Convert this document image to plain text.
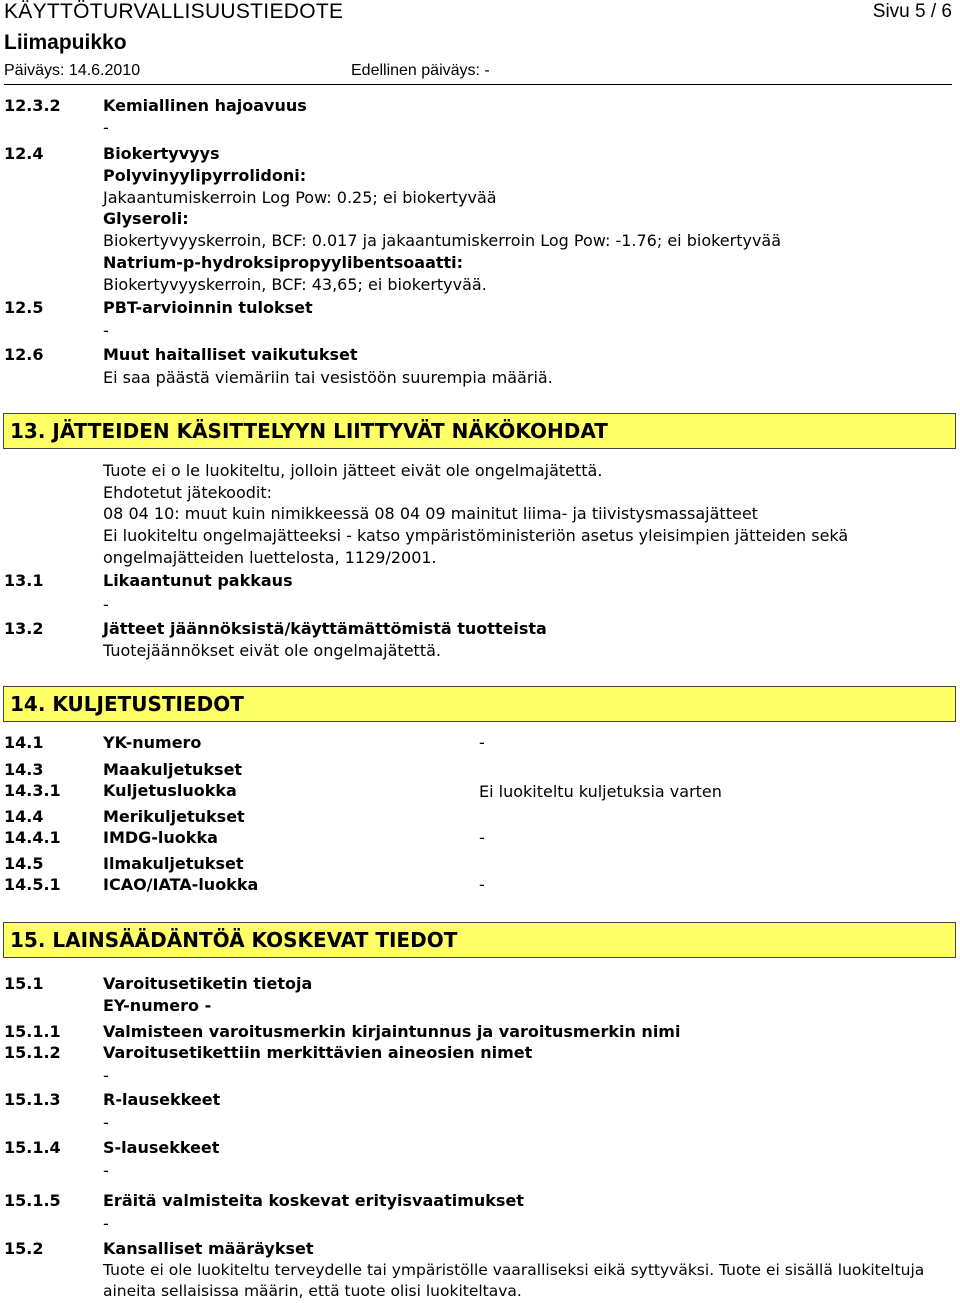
KÄYTTÖTURVALLISUUSTIEDOTE	Sivu 5 / 6
Liimapuikko
Päiväys: 14.6.2010	Edellinen päiväys: -
12.3.2	Kemiallinen hajoavuus
-
12.4	Biokertyvyys
Polyvinyylipyrrolidoni:
Jakaantumiskerroin Log Pow: 0.25; ei biokertyvää
Glyseroli:
Biokertyvyyskerroin, BCF: 0.017 ja jakaantumiskerroin Log Pow: -1.76; ei biokertyvää
Natrium-p-hydroksipropyylibentsoaatti:
Biokertyvyyskerroin, BCF: 43,65; ei biokertyvää.
12.5	PBT-arvioinnin tulokset
-
12.6	Muut haitalliset vaikutukset
Ei saa päästä viemäriin tai vesistöön suurempia määriä.
13. JÄTTEIDEN KÄSITTELYYN LIITTYVÄT NÄKÖKOHDAT
Tuote ei o le luokiteltu, jolloin jätteet eivät ole ongelmajätettä.
Ehdotetut jätekoodit:
08 04 10: muut kuin nimikkeessä 08 04 09 mainitut liima- ja tiivistysmassajätteet
Ei luokiteltu ongelmajätteeksi - katso ympäristöministeriön asetus yleisimpien jätteiden sekä ongelmajätteiden luettelosta, 1129/2001.
13.1	Likaantunut pakkaus
-
13.2	Jätteet jäännöksistä/käyttämättömistä tuotteista
Tuotejäännökset eivät ole ongelmajätettä.
14. KULJETUSTIEDOT
14.1	YK-numero	-
14.3	Maakuljetukset
14.3.1	Kuljetusluokka	Ei luokiteltu kuljetuksia varten
14.4	Merikuljetukset
14.4.1	IMDG-luokka	-
14.5	Ilmakuljetukset
14.5.1	ICAO/IATA-luokka	-
15. LAINSÄÄDÄNTÖÄ KOSKEVAT TIEDOT
15.1	Varoitusetiketin tietoja
EY-numero -
15.1.1	Valmisteen varoitusmerkin kirjaintunnus ja varoitusmerkin nimi
15.1.2	Varoitusetikettiin merkittävien aineosien nimet
-
15.1.3	R-lausekkeet
-
15.1.4	S-lausekkeet
-
15.1.5	Eräitä valmisteita koskevat erityisvaatimukset
-
15.2	Kansalliset määräykset
Tuote ei ole luokiteltu terveydelle tai ympäristölle vaaralliseksi eikä syttyväksi. Tuote ei sisällä luokiteltuja aineita sellaisissa määrin, että tuote olisi luokiteltava.
